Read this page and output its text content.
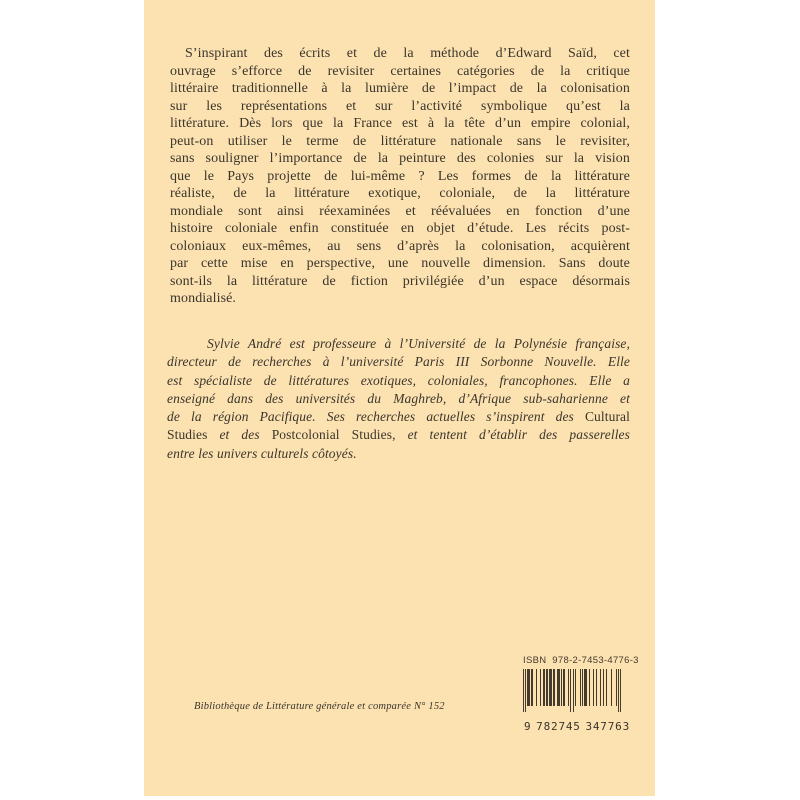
S’inspirant des écrits et de la méthode d’Edward Saïd, cet
ouvrage s’efforce de revisiter certaines catégories de la critique
littéraire traditionnelle à la lumière de l’impact de la colonisation
sur les représentations et sur l’activité symbolique qu’est la
littérature. Dès lors que la France est à la tête d’un empire colonial,
peut-on utiliser le terme de littérature nationale sans le revisiter,
sans souligner l’importance de la peinture des colonies sur la vision
que le Pays projette de lui-même ? Les formes de la littérature
réaliste, de la littérature exotique, coloniale, de la littérature
mondiale sont ainsi réexaminées et réévaluées en fonction d’une
histoire coloniale enfin constituée en objet d’étude. Les récits post-
coloniaux eux-mêmes, au sens d’après la colonisation, acquièrent
par cette mise en perspective, une nouvelle dimension. Sans doute
sont-ils la littérature de fiction privilégiée d’un espace désormais
mondialisé.
Sylvie André est professeure à l’Université de la Polynésie française,
directeur de recherches à l’université Paris III Sorbonne Nouvelle. Elle
est spécialiste de littératures exotiques, coloniales, francophones. Elle a
enseigné dans des universités du Maghreb, d’Afrique sub-saharienne et
de la région Pacifique. Ses recherches actuelles s’inspirent des Cultural
Studies et des Postcolonial Studies, et tentent d’établir des passerelles
entre les univers culturels côtoyés.
Bibliothèque de Littérature générale et comparée N° 152
ISBN 978-2-7453-4776-3
9 782745 347763
